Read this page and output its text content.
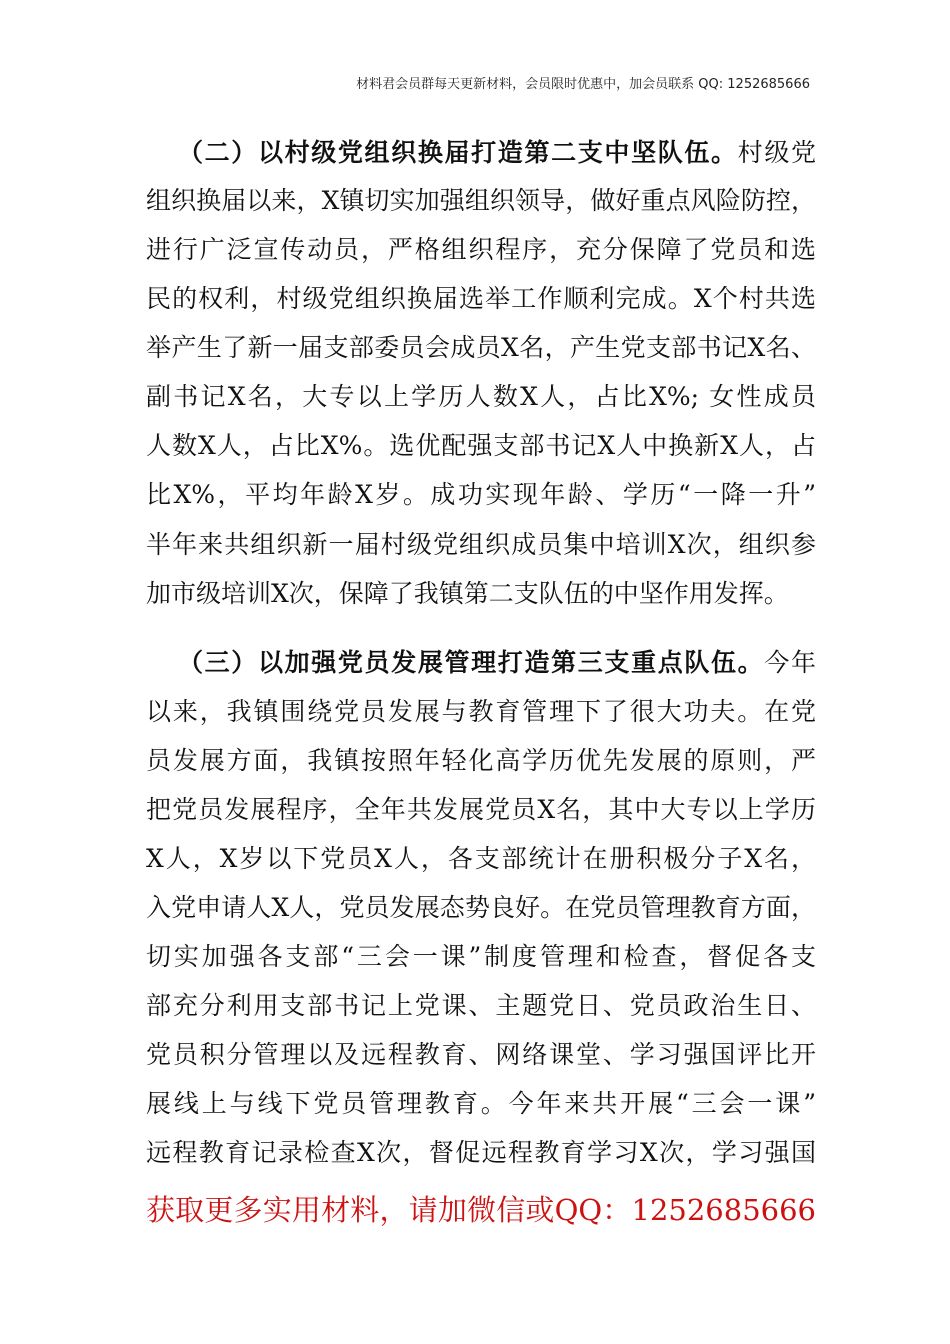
材料君会员群每天更新材料，会员限时优惠中，加会员联系 QQ: 1252685666
（二）以村级党组织换届打造第二支中坚队伍。村级党
组织换届以来，X镇切实加强组织领导，做好重点风险防控，
进行广泛宣传动员，严格组织程序，充分保障了党员和选
民的权利，村级党组织换届选举工作顺利完成。X个村共选
举产生了新一届支部委员会成员X名，产生党支部书记X名、
副书记X名，大专以上学历人数X人，占比X%; 女性成员
人数X人，占比X%。选优配强支部书记X人中换新X人，占
比X%，平均年龄X岁。成功实现年龄、学历“一降一升”
半年来共组织新一届村级党组织成员集中培训X次，组织参
加市级培训X次，保障了我镇第二支队伍的中坚作用发挥。
（三）以加强党员发展管理打造第三支重点队伍。今年
以来，我镇围绕党员发展与教育管理下了很大功夫。在党
员发展方面，我镇按照年轻化高学历优先发展的原则，严
把党员发展程序，全年共发展党员X名，其中大专以上学历
X人，X岁以下党员X人，各支部统计在册积极分子X名，
入党申请人X人，党员发展态势良好。在党员管理教育方面，
切实加强各支部“三会一课”制度管理和检查，督促各支
部充分利用支部书记上党课、主题党日、党员政治生日、
党员积分管理以及远程教育、网络课堂、学习强国评比开
展线上与线下党员管理教育。今年来共开展“三会一课”
远程教育记录检查X次，督促远程教育学习X次，学习强国
获取更多实用材料，请加微信或QQ：1252685666
